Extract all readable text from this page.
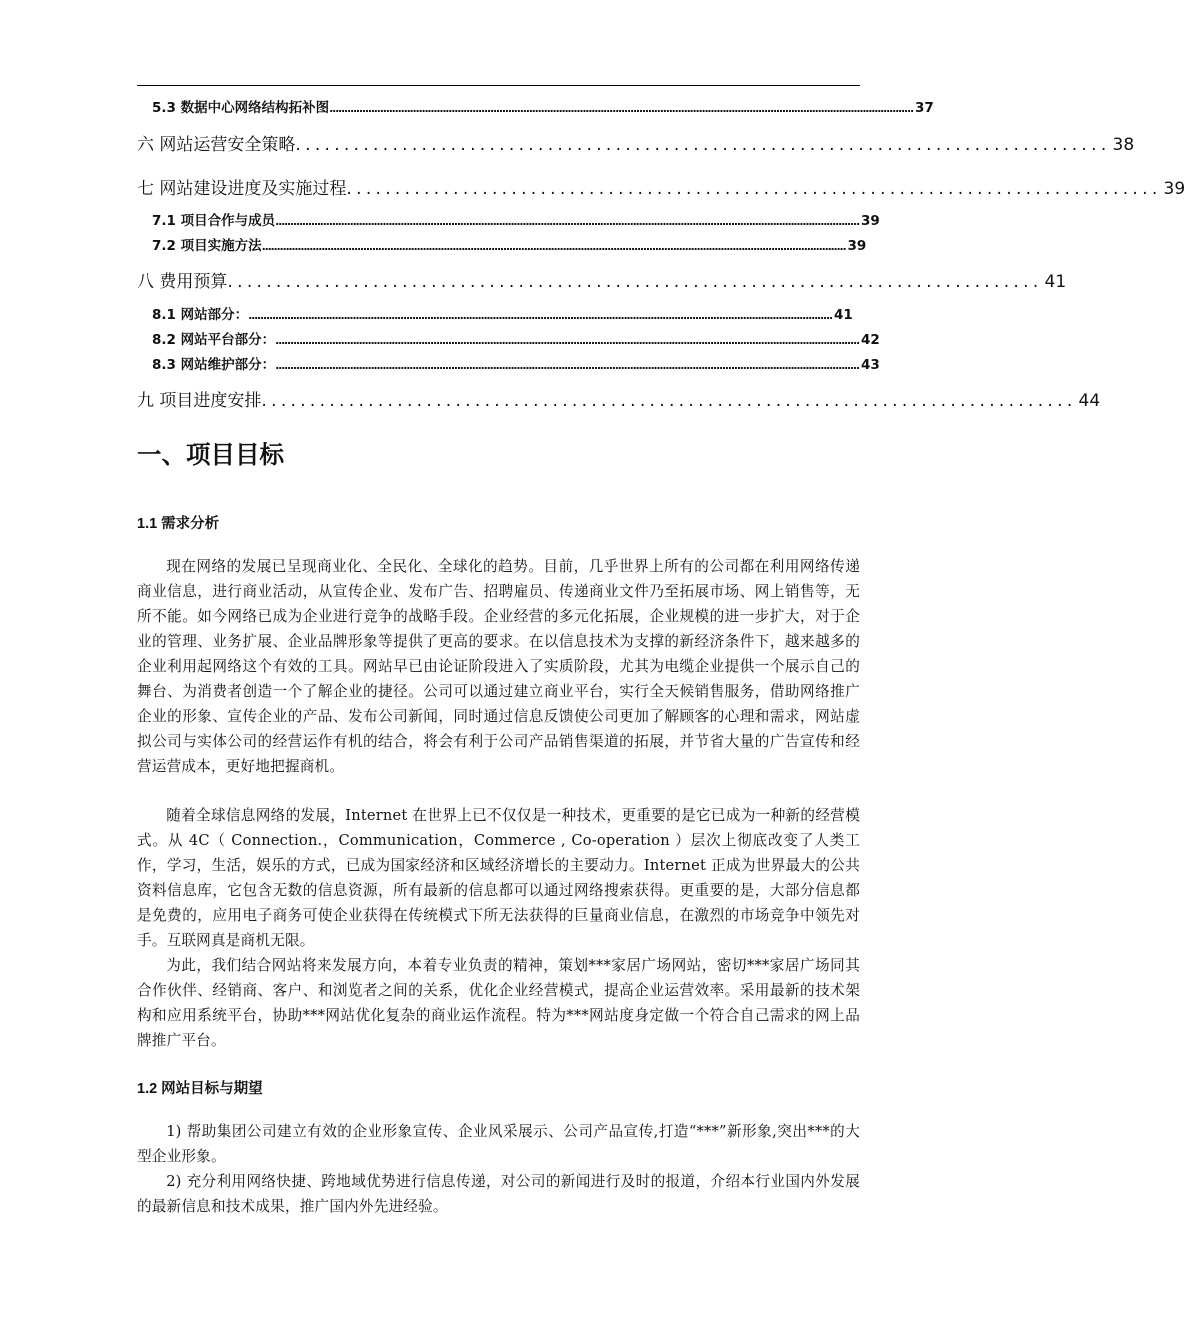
5.3 数据中心网络结构拓补图 .................................................................................................................................................................................................... 37
六 网站运营安全策略 .................................................................................... 38
七 网站建设进度及实施过程 .................................................................................... 39
7.1 项目合作与成员 .................................................................................................................................................................................................... 39
7.2 项目实施方法 .................................................................................................................................................................................................... 39
八 费用预算 .................................................................................... 41
8.1 网站部分： .................................................................................................................................................................................................... 41
8.2 网站平台部分： .................................................................................................................................................................................................... 42
8.3 网站维护部分： .................................................................................................................................................................................................... 43
九 项目进度安排 .................................................................................... 44
一、项目目标
1.1 需求分析

现在网络的发展已呈现商业化、全民化、全球化的趋势。目前，几乎世界上所有的公司都在利用网络传递商业信息，进行商业活动，从宣传企业、发布广告、招聘雇员、传递商业文件乃至拓展市场、网上销售等，无所不能。如今网络已成为企业进行竞争的战略手段。企业经营的多元化拓展，企业规模的进一步扩大，对于企业的管理、业务扩展、企业品牌形象等提供了更高的要求。在以信息技术为支撑的新经济条件下，越来越多的企业利用起网络这个有效的工具。网站早已由论证阶段进入了实质阶段，尤其为电缆企业提供一个展示自己的舞台、为消费者创造一个了解企业的捷径。公司可以通过建立商业平台，实行全天候销售服务，借助网络推广企业的形象、宣传企业的产品、发布公司新闻，同时通过信息反馈使公司更加了解顾客的心理和需求，网站虚拟公司与实体公司的经营运作有机的结合，将会有利于公司产品销售渠道的拓展，并节省大量的广告宣传和经营运营成本，更好地把握商机。

随着全球信息网络的发展，Internet 在世界上已不仅仅是一种技术，更重要的是它已成为一种新的经营模式。从 4C（ Connection.，Communication，Commerce , Co-operation ）层次上彻底改变了人类工作，学习，生活，娱乐的方式，已成为国家经济和区域经济增长的主要动力。Internet 正成为世界最大的公共资料信息库，它包含无数的信息资源，所有最新的信息都可以通过网络搜索获得。更重要的是，大部分信息都是免费的，应用电子商务可使企业获得在传统模式下所无法获得的巨量商业信息，在激烈的市场竞争中领先对手。互联网真是商机无限。

为此，我们结合网站将来发展方向，本着专业负责的精神，策划***家居广场网站，密切***家居广场同其合作伙伴、经销商、客户、和浏览者之间的关系，优化企业经营模式，提高企业运营效率。采用最新的技术架构和应用系统平台，协助***网站优化复杂的商业运作流程。特为***网站度身定做一个符合自己需求的网上品牌推广平台。

1.2 网站目标与期望

1) 帮助集团公司建立有效的企业形象宣传、企业风采展示、公司产品宣传,打造“***”新形象,突出***的大型企业形象。

2) 充分利用网络快捷、跨地域优势进行信息传递，对公司的新闻进行及时的报道，介绍本行业国内外发展的最新信息和技术成果，推广国内外先进经验。
